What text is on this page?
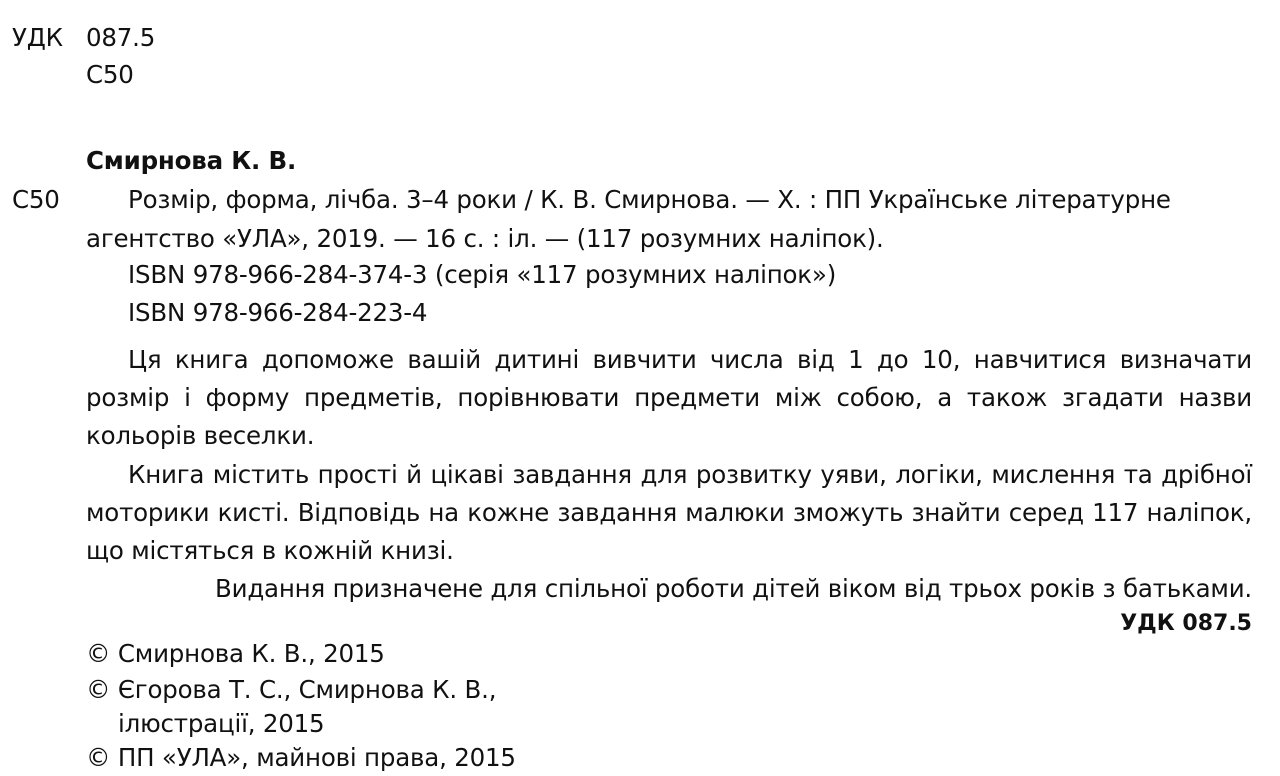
УДК 087.5
С50
Смирнова К. В.
С50	Розмір, форма, лічба. 3–4 роки / К. В. Смирнова. — Х. : ПП Українське літературне
агентство «УЛА», 2019. — 16 с. : іл. — (117 розумних наліпок).
ISBN 978-966-284-374-3 (серія «117 розумних наліпок»)
ISBN 978-966-284-223-4
Ця книга допоможе вашій дитині вивчити числа від 1 до 10, навчитися визначати розмір і форму предметів, порівнювати предмети між собою, а також згадати назви кольорів веселки.
Книга містить прості й цікаві завдання для розвитку уяви, логіки, мислення та дрібної моторики кисті. Відповідь на кожне завдання малюки зможуть знайти серед 117 наліпок, що містяться в кожній книзі.
Видання призначене для спільної роботи дітей віком від трьох років з батьками.
УДК 087.5
© Смирнова К. В., 2015
© Єгорова Т. С., Смирнова К. В.,
ілюстрації, 2015
© ПП «УЛА», майнові права, 2015
